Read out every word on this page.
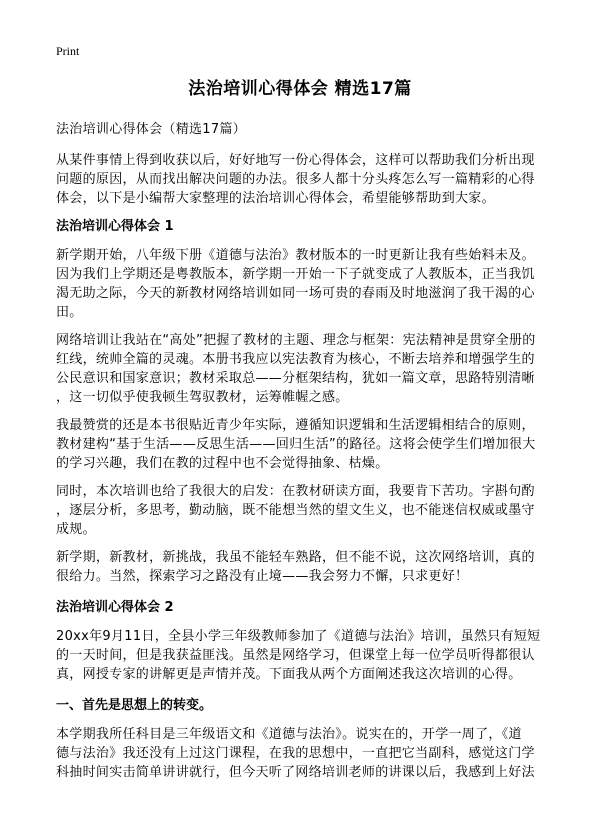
Print
法治培训心得体会 精选17篇
法治培训心得体会（精选17篇）
从某件事情上得到收获以后，好好地写一份心得体会，这样可以帮助我们分析出现
问题的原因，从而找出解决问题的办法。很多人都十分头疼怎么写一篇精彩的心得
体会，以下是小编帮大家整理的法治培训心得体会，希望能够帮助到大家。
法治培训心得体会 1
新学期开始，八年级下册《道德与法治》教材版本的一时更新让我有些始料未及。
因为我们上学期还是粤教版本，新学期一开始一下子就变成了人教版本，正当我饥
渴无助之际，今天的新教材网络培训如同一场可贵的春雨及时地滋润了我干渴的心
田。
网络培训让我站在“高处”把握了教材的主题、理念与框架：宪法精神是贯穿全册的
红线，统帅全篇的灵魂。本册书我应以宪法教育为核心，不断去培养和增强学生的
公民意识和国家意识；教材采取总——分框架结构，犹如一篇文章，思路特别清晰
，这一切似乎使我顿生驾驭教材，运筹帷幄之感。
我最赞赏的还是本书很贴近青少年实际，遵循知识逻辑和生活逻辑相结合的原则，
教材建构“基于生活——反思生活——回归生活”的路径。这将会使学生们增加很大
的学习兴趣，我们在教的过程中也不会觉得抽象、枯燥。
同时，本次培训也给了我很大的启发：在教材研读方面，我要肯下苦功。字斟句酌
，逐层分析，多思考，勤动脑，既不能想当然的望文生义，也不能迷信权威或墨守
成规。
新学期，新教材，新挑战，我虽不能轻车熟路，但不能不说，这次网络培训，真的
很给力。当然，探索学习之路没有止境——我会努力不懈，只求更好！
法治培训心得体会 2
20xx年9月11日，全县小学三年级教师参加了《道德与法治》培训，虽然只有短短
的一天时间，但是我获益匪浅。虽然是网络学习，但课堂上每一位学员听得都很认
真，网授专家的讲解更是声情并茂。下面我从两个方面阐述我这次培训的心得。
一、首先是思想上的转变。
本学期我所任科目是三年级语文和《道德与法治》。说实在的，开学一周了，《道
德与法治》我还没有上过这门课程，在我的思想中，一直把它当副科，感觉这门学
科抽时间实击简单讲讲就行，但今天听了网络培训老师的讲课以后，我感到上好法
